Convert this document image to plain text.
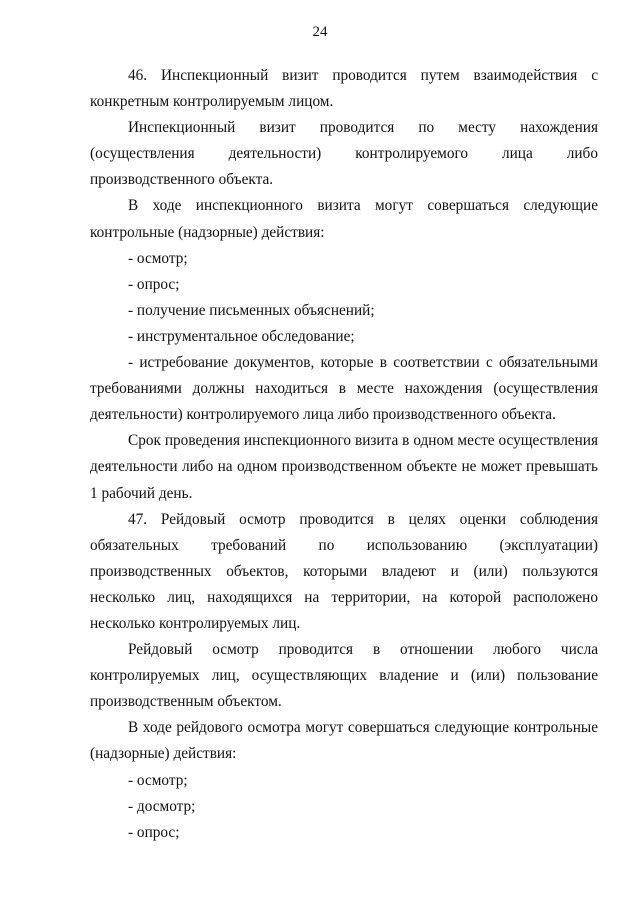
24

46. Инспекционный визит проводится путем взаимодействия с конкретным контролируемым лицом.

Инспекционный визит проводится по месту нахождения (осуществления деятельности) контролируемого лица либо производственного объекта.

В ходе инспекционного визита могут совершаться следующие контрольные (надзорные) действия:

- осмотр;

- опрос;

- получение письменных объяснений;

- инструментальное обследование;

- истребование документов, которые в соответствии с обязательными требованиями должны находиться в месте нахождения (осуществления деятельности) контролируемого лица либо производственного объекта.

Срок проведения инспекционного визита в одном месте осуществления деятельности либо на одном производственном объекте не может превышать 1 рабочий день.

47. Рейдовый осмотр проводится в целях оценки соблюдения обязательных требований по использованию (эксплуатации) производственных объектов, которыми владеют и (или) пользуются несколько лиц, находящихся на территории, на которой расположено несколько контролируемых лиц.

Рейдовый осмотр проводится в отношении любого числа контролируемых лиц, осуществляющих владение и (или) пользование производственным объектом.

В ходе рейдового осмотра могут совершаться следующие контрольные (надзорные) действия:

- осмотр;

- досмотр;

- опрос;
